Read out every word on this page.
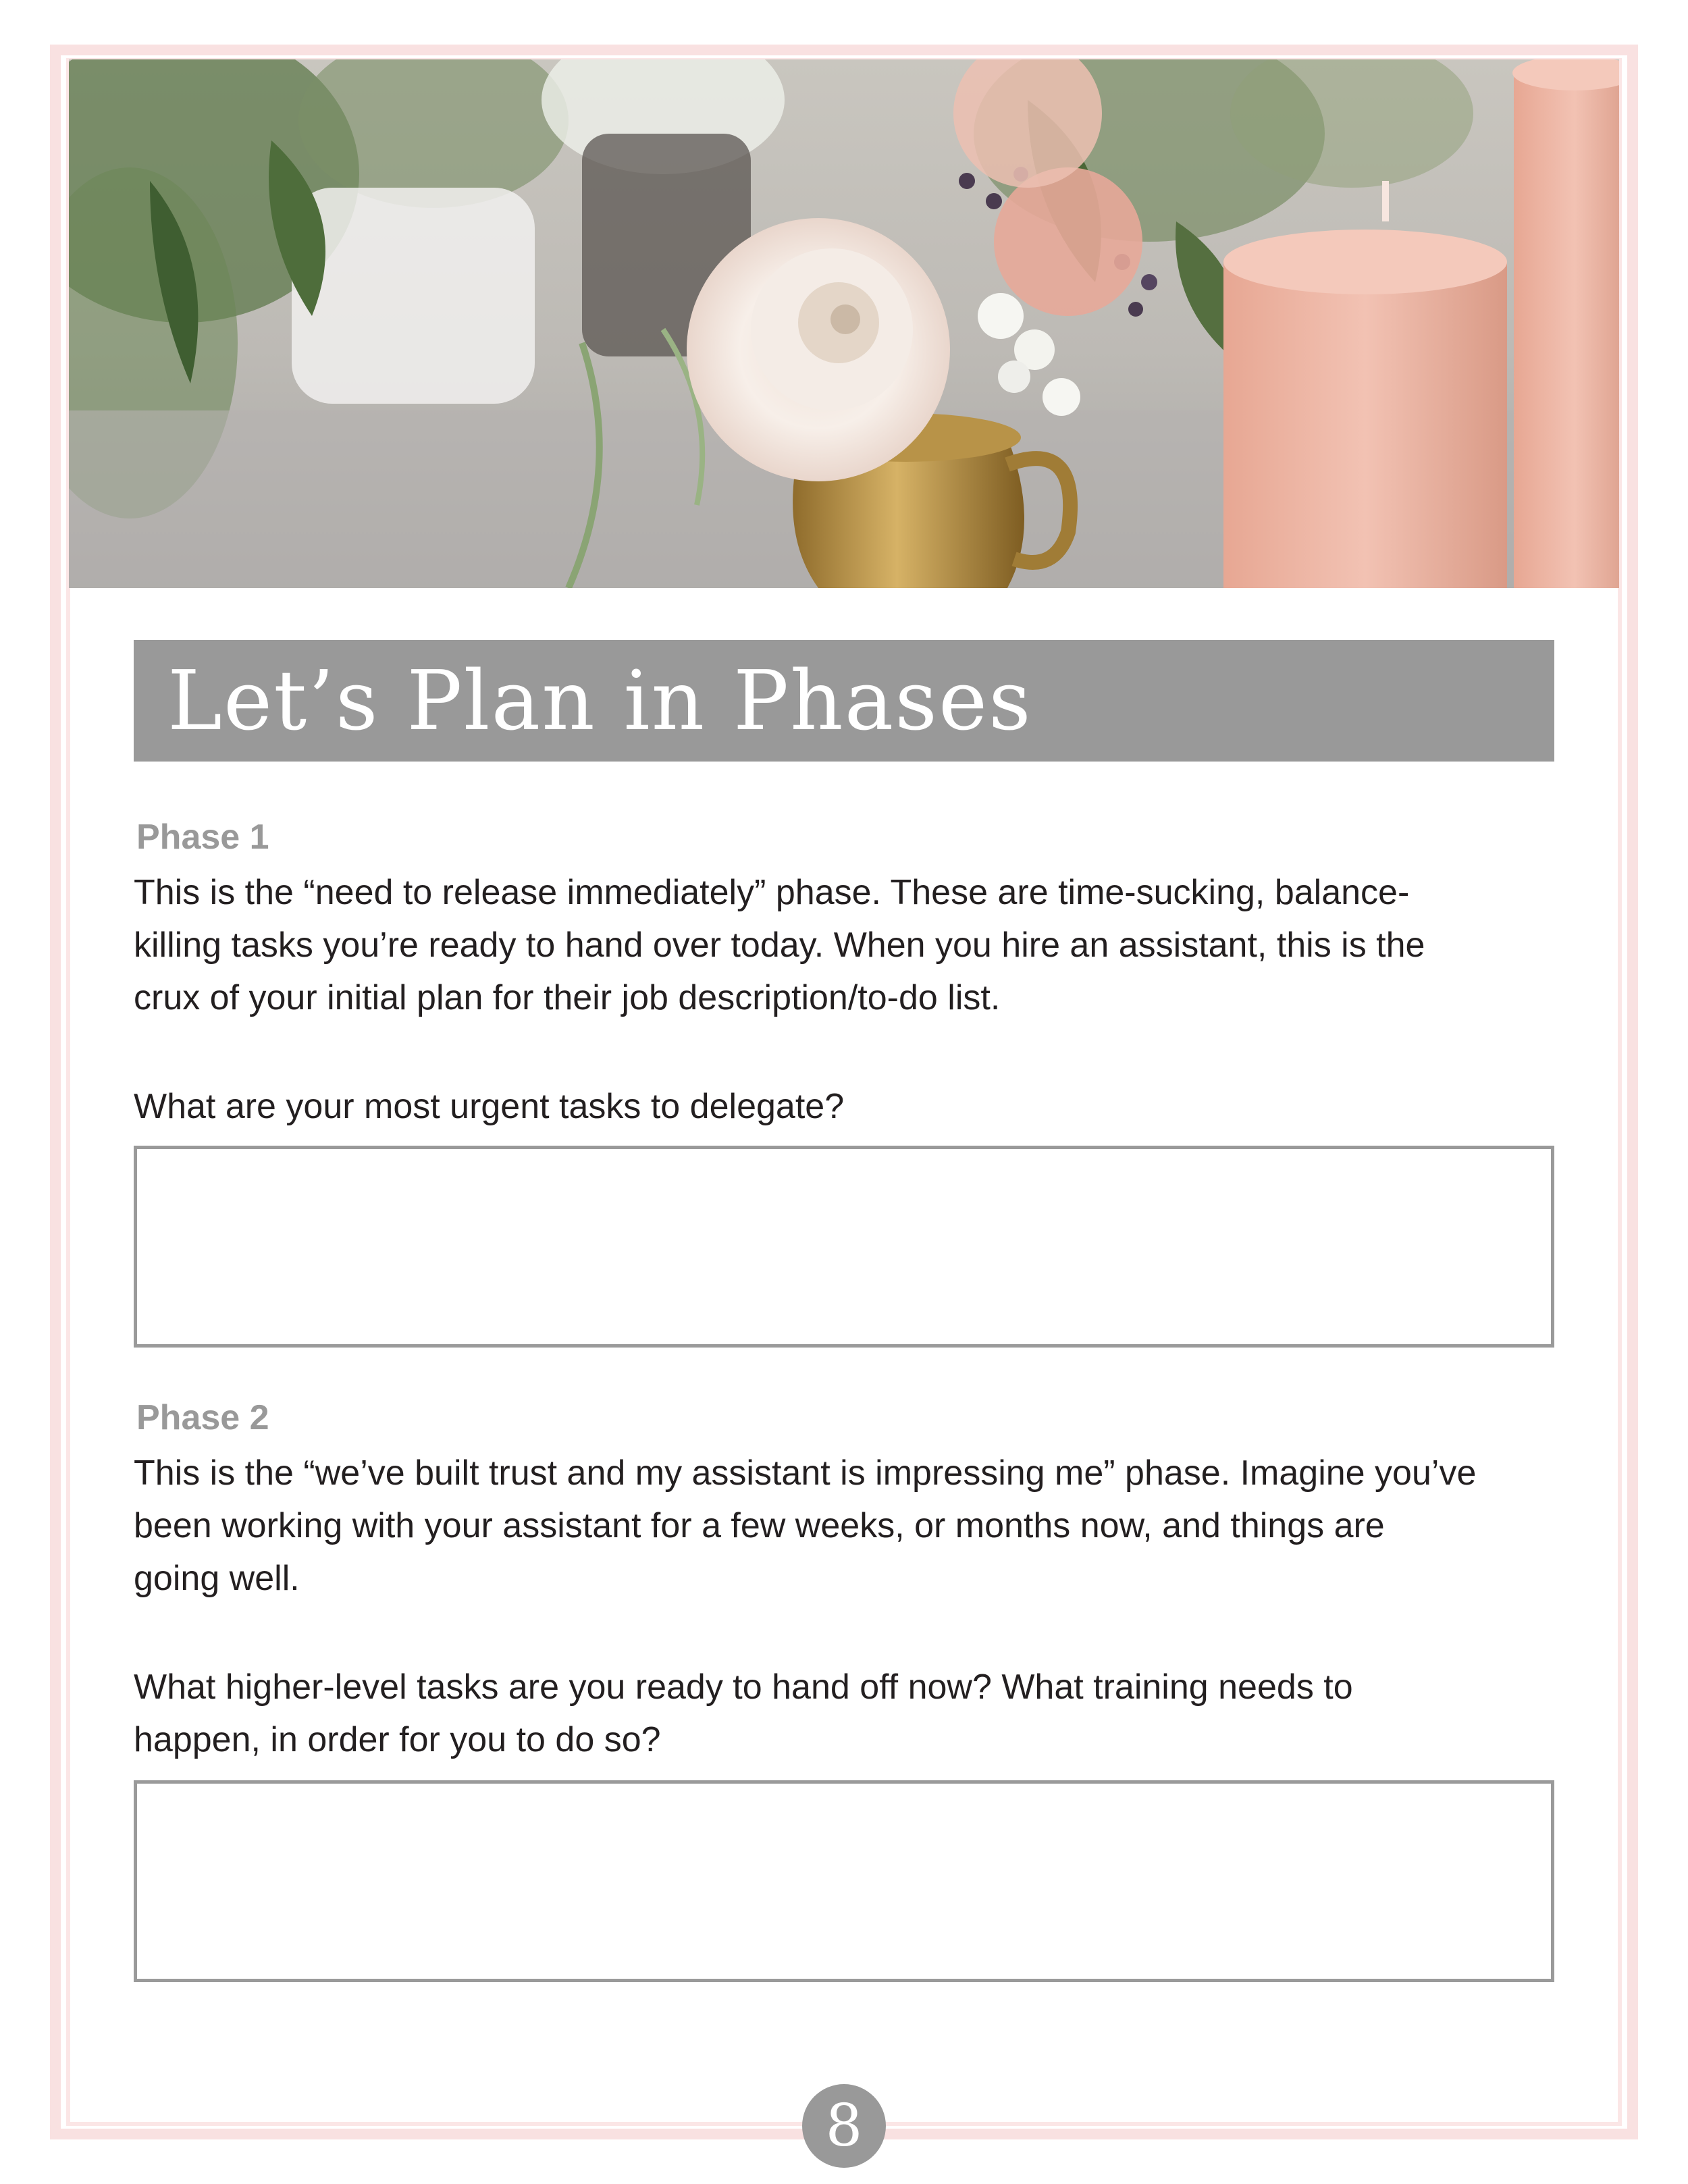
Let’s Plan in Phases
Phase 1
This is the “need to release immediately” phase. These are time-sucking, balance-
killing tasks you’re ready to hand over today. When you hire an assistant, this is the
crux of your initial plan for their job description/to-do list.
What are your most urgent tasks to delegate?
Phase 2
This is the “we’ve built trust and my assistant is impressing me” phase. Imagine you’ve
been working with your assistant for a few weeks, or months now, and things are
going well.
What higher-level tasks are you ready to hand off now? What training needs to
happen, in order for you to do so?
8
